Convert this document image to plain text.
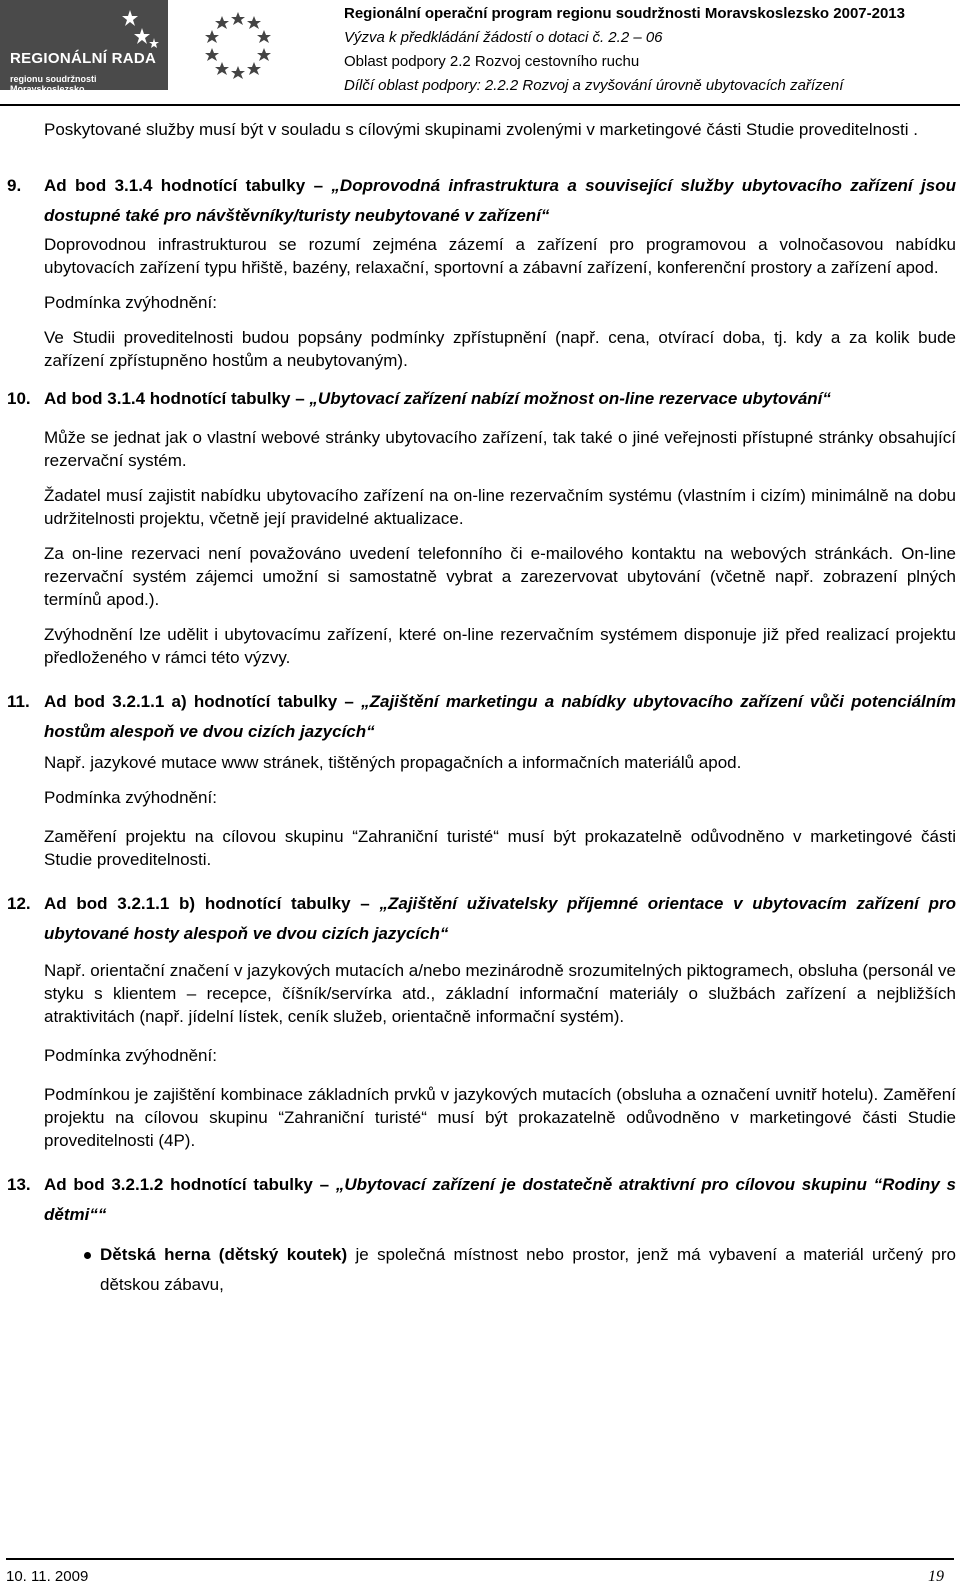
REGIONÁLNÍ RADA
regionu soudržnosti Moravskoslezsko
Regionální operační program regionu soudržnosti Moravskoslezsko 2007-2013
Výzva k předkládání žádostí o dotaci č. 2.2 – 06
Oblast podpory 2.2 Rozvoj cestovního ruchu
Dílčí oblast podpory: 2.2.2 Rozvoj a zvyšování úrovně ubytovacích zařízení

Poskytované služby musí být v souladu s cílovými skupinami zvolenými v marketingové části Studie proveditelnosti .

9. Ad bod 3.1.4 hodnotící tabulky – „Doprovodná infrastruktura a související služby ubytovacího zařízení jsou dostupné také pro návštěvníky/turisty neubytované v zařízení“

Doprovodnou infrastrukturou se rozumí zejména zázemí a zařízení pro programovou a volnočasovou nabídku ubytovacích zařízení typu hřiště, bazény, relaxační, sportovní a zábavní zařízení, konferenční prostory a zařízení apod.

Podmínka zvýhodnění:

Ve Studii proveditelnosti budou popsány podmínky zpřístupnění (např. cena, otvírací doba, tj. kdy a za kolik bude zařízení zpřístupněno hostům a neubytovaným).

10. Ad bod 3.1.4 hodnotící tabulky – „Ubytovací zařízení nabízí možnost on-line rezervace ubytování“

Může se jednat jak o vlastní webové stránky ubytovacího zařízení, tak také o jiné veřejnosti přístupné stránky obsahující rezervační systém.

Žadatel musí zajistit nabídku ubytovacího zařízení na on-line rezervačním systému (vlastním i cizím) minimálně na dobu udržitelnosti projektu, včetně její pravidelné aktualizace.

Za on-line rezervaci není považováno uvedení telefonního či e-mailového kontaktu na webových stránkách. On-line rezervační systém zájemci umožní si samostatně vybrat a zarezervovat ubytování (včetně např. zobrazení plných termínů apod.).

Zvýhodnění lze udělit i ubytovacímu zařízení, které on-line rezervačním systémem disponuje již před realizací projektu předloženého v rámci této výzvy.

11. Ad bod 3.2.1.1 a) hodnotící tabulky – „Zajištění marketingu a nabídky ubytovacího zařízení vůči potenciálním hostům alespoň ve dvou cizích jazycích“

Např. jazykové mutace www stránek, tištěných propagačních a informačních materiálů apod.

Podmínka zvýhodnění:

Zaměření projektu na cílovou skupinu “Zahraniční turisté“ musí být prokazatelně odůvodněno v marketingové části Studie proveditelnosti.

12. Ad bod 3.2.1.1 b) hodnotící tabulky – „Zajištění uživatelsky příjemné orientace v ubytovacím zařízení pro ubytované hosty alespoň ve dvou cizích jazycích“

Např. orientační značení v jazykových mutacích a/nebo mezinárodně srozumitelných piktogramech, obsluha (personál ve styku s klientem – recepce, číšník/servírka atd., základní informační materiály o službách zařízení a nejbližších atraktivitách (např. jídelní lístek, ceník služeb, orientačně informační systém).

Podmínka zvýhodnění:

Podmínkou je zajištění kombinace základních prvků v jazykových mutacích (obsluha a označení uvnitř hotelu). Zaměření projektu na cílovou skupinu “Zahraniční turisté“ musí být prokazatelně odůvodněno v marketingové části Studie proveditelnosti (4P).

13. Ad bod 3.2.1.2 hodnotící tabulky – „Ubytovací zařízení je dostatečně atraktivní pro cílovou skupinu “Rodiny s dětmi““
Dětská herna (dětský koutek) je společná místnost nebo prostor, jenž má vybavení a materiál určený pro dětskou zábavu,
10. 11. 2009	19
